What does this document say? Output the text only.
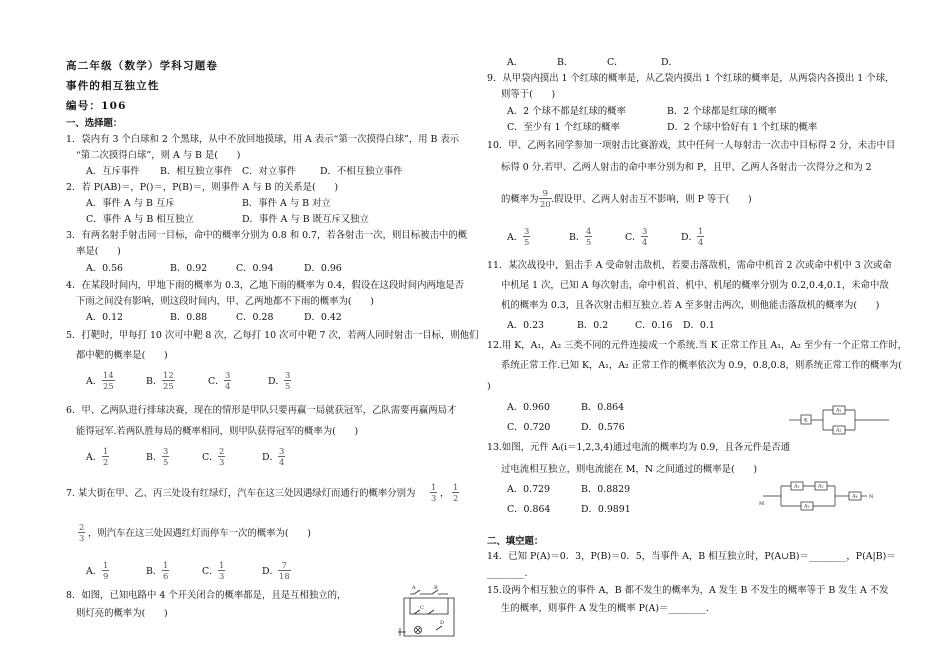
高二年级（数学）学科习题卷
事件的相互独立性
编号：106
一、选择题：
1．袋内有 3 个白球和 2 个黑球，从中不放回地摸球，用 A 表示“第一次摸得白球”，用 B 表示
“第二次摸得白球”，则 A 与 B 是(　　)
A．互斥事件 B．相互独立事件 C．对立事件	D．不相互独立事件
2．若 P(AB)＝，P()＝，P(B)＝，则事件 A 与 B 的关系是(　　)
A．事件 A 与 B 互斥	B．事件 A 与 B 对立
C．事件 A 与 B 相互独立	D．事件 A 与 B 既互斥又独立
3．有两名射手射击同一目标，命中的概率分别为 0.8 和 0.7，若各射击一次，则目标被击中的概
率是(　　)
A．0.56	B．0.92	C．0.94	D．0.96
4．在某段时间内，甲地下雨的概率为 0.3，乙地下雨的概率为 0.4，假设在这段时间内两地是否
下雨之间没有影响，则这段时间内，甲、乙两地都不下雨的概率为(　　)
A．0.12	B．0.88	C．0.28	D．0.42
5．打靶时，甲每打 10 次可中靶 8 次，乙每打 10 次可中靶 7 次，若两人同时射击一目标，则他们
都中靶的概率是(　　)
A． $\frac{14}{25}$	B． $\frac{12}{25}$	C． $\frac{3}{4}$	D． $\frac{3}{5}$
6．甲、乙两队进行排球决赛，现在的情形是甲队只要再赢一局就获冠军，乙队需要再赢两局才
能得冠军.若两队胜每局的概率相同，则甲队获得冠军的概率为(　　)
A． $\frac{1}{2}$	B． $\frac{3}{5}$	C． $\frac{2}{3}$	D． $\frac{3}{4}$
7. 某大街在甲、乙、丙三处设有红绿灯，汽车在这三处因遇绿灯而通行的概率分别为 $\frac{1}{3}$ ， $\frac{1}{2}$
$\frac{2}{3}$ ，则汽车在这三处因遇红灯而停车一次的概率为(　　)
A． $\frac{1}{9}$	B． $\frac{1}{6}$	C． $\frac{1}{3}$	D． $\frac{7}{18}$
8．如图，已知电路中 4 个开关闭合的概率都是，且是互相独立的，
则灯亮的概率为(　　)
A	B
C
D
A．	B．	C．	D．
9．从甲袋内摸出 1 个红球的概率是，从乙袋内摸出 1 个红球的概率是，从两袋内各摸出 1 个球，
则等于(　　)
A．2 个球不都是红球的概率	B．2 个球都是红球的概率
C．至少有 1 个红球的概率	D．2 个球中恰好有 1 个红球的概率
10．甲、乙两名同学参加一项射击比赛游戏，其中任何一人每射击一次击中目标得 2 分，未击中目
标得 0 分.若甲、乙两人射击的命中率分别为和 P，且甲、乙两人各射击一次得分之和为 2
的概率为 $\frac{9}{20}$ .假设甲、乙两人射击互不影响，则 P 等于(　　)
A． $\frac{3}{5}$	B． $\frac{4}{5}$	C． $\frac{3}{4}$	D． $\frac{1}{4}$
11．某次战役中，狙击手 A 受命射击敌机，若要击落敌机，需命中机首 2 次或命中机中 3 次或命
中机尾 1 次，已知 A 每次射击，命中机首、机中、机尾的概率分别为 0.2,0.4,0.1，未命中敌
机的概率为 0.3，且各次射击相互独立.若 A 至多射击两次，则他能击落敌机的概率为(　　)
A．0.23	B．0.2	C．0.16 D．0.1
12.用 K，A₁，A₂ 三类不同的元件连接成一个系统.当 K 正常工作且 A₁，A₂ 至少有一个正常工作时，
系统正常工作.已知 K，A₁，A₂ 正常工作的概率依次为 0.9，0.8,0.8，则系统正常工作的概率为(
)
A．0.960	B．0.864
C．0.720	D．0.576
K
A₁
A₂
13.如图，元件 Aᵢ(i＝1,2,3,4)通过电流的概率均为 0.9，且各元件是否通
过电流相互独立，则电流能在 M，N 之间通过的概率是(　　)
A．0.729	B．0.8829
C．0.864	D．0.9891	M
A₁	A₂
A₃
A₄ N
二、填空题：
14．已知 P(A)＝0．3，P(B)＝0．5，当事件 A，B 相互独立时，P(A∪B)＝________，P(A|B)＝
________.
15.设两个相互独立的事件 A，B 都不发生的概率为，A 发生 B 不发生的概率等于 B 发生 A 不发
生的概率，则事件 A 发生的概率 P(A)＝________.
